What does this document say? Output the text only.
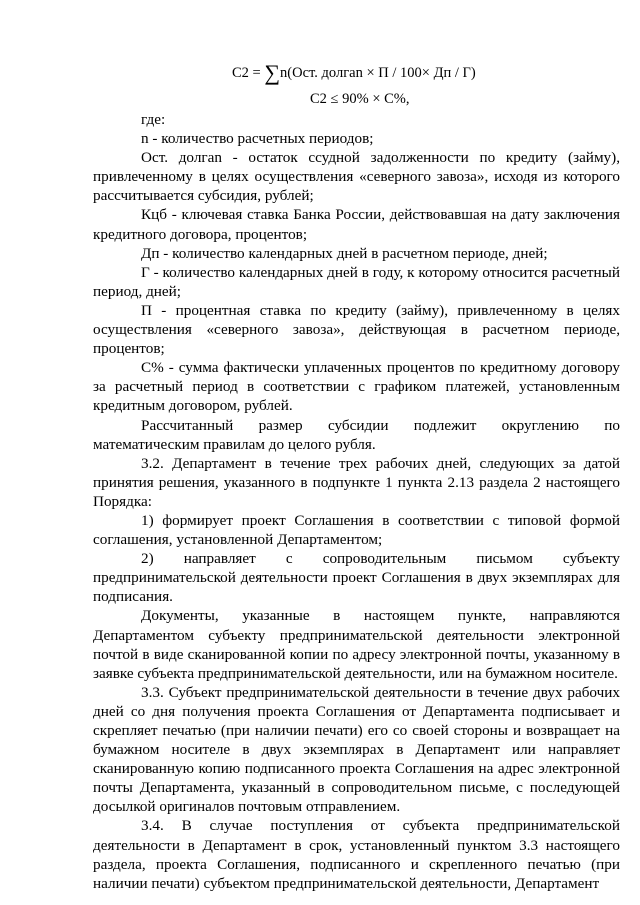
C2 = ∑n(Ост. долгаn × П / 100× Дп / Г)
C2 ≤ 90% × С%,

где:

n - количество расчетных периодов;

Ост. долгаn - остаток ссудной задолженности по кредиту (займу), привлеченному в целях осуществления «северного завоза», исходя из которого рассчитывается субсидия, рублей;

Кцб - ключевая ставка Банка России, действовавшая на дату заключения кредитного договора, процентов;

Дп - количество календарных дней в расчетном периоде, дней;

Г - количество календарных дней в году, к которому относится расчетный период, дней;

П - процентная ставка по кредиту (займу), привлеченному в целях осуществления «северного завоза», действующая в расчетном периоде, процентов;

С% - сумма фактически уплаченных процентов по кредитному договору за расчетный период в соответствии с графиком платежей, установленным кредитным договором, рублей.

Рассчитанный размер субсидии подлежит округлению по математическим правилам до целого рубля.

3.2. Департамент в течение трех рабочих дней, следующих за датой принятия решения, указанного в подпункте 1 пункта 2.13 раздела 2 настоящего Порядка:

1) формирует проект Соглашения в соответствии с типовой формой соглашения, установленной Департаментом;

2) направляет с сопроводительным письмом субъекту предпринимательской деятельности проект Соглашения в двух экземплярах для подписания.

Документы, указанные в настоящем пункте, направляются Департаментом субъекту предпринимательской деятельности электронной почтой в виде сканированной копии по адресу электронной почты, указанному в заявке субъекта предпринимательской деятельности, или на бумажном носителе.

3.3. Субъект предпринимательской деятельности в течение двух рабочих дней со дня получения проекта Соглашения от Департамента подписывает и скрепляет печатью (при наличии печати) его со своей стороны и возвращает на бумажном носителе в двух экземплярах в Департамент или направляет сканированную копию подписанного проекта Соглашения на адрес электронной почты Департамента, указанный в сопроводительном письме, с последующей досылкой оригиналов почтовым отправлением.

3.4. В случае поступления от субъекта предпринимательской деятельности в Департамент в срок, установленный пунктом 3.3 настоящего раздела, проекта Соглашения, подписанного и скрепленного печатью (при наличии печати) субъектом предпринимательской деятельности, Департамент
